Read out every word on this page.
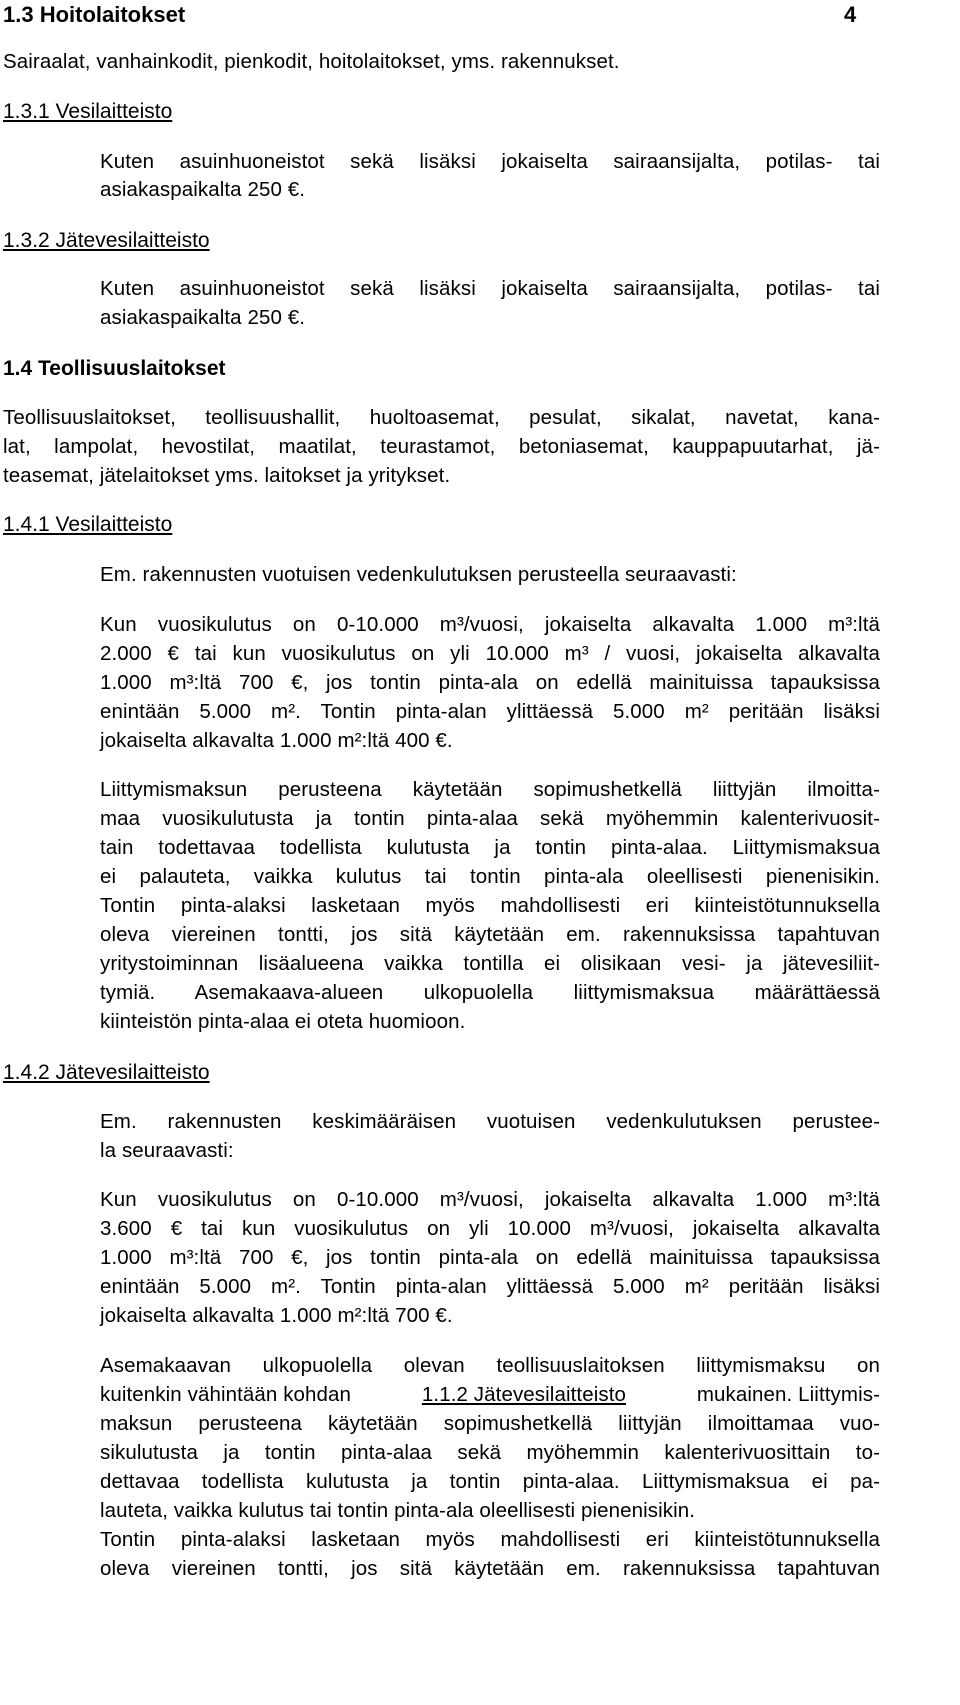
1.3 Hoitolaitokset	4
Sairaalat, vanhainkodit, pienkodit, hoitolaitokset, yms. rakennukset.
1.3.1 Vesilaitteisto
Kuten asuinhuoneistot sekä lisäksi jokaiselta sairaansijalta, potilas- tai
asiakaspaikalta 250 €.
1.3.2 Jätevesilaitteisto
Kuten asuinhuoneistot sekä lisäksi jokaiselta sairaansijalta, potilas- tai
asiakaspaikalta 250 €.
1.4 Teollisuuslaitokset
Teollisuuslaitokset, teollisuushallit, huoltoasemat, pesulat, sikalat, navetat, kana-
lat, lampolat, hevostilat, maatilat, teurastamot, betoniasemat, kauppapuutarhat, jä-
teasemat, jätelaitokset yms. laitokset ja yritykset.
1.4.1 Vesilaitteisto
Em. rakennusten vuotuisen vedenkulutuksen perusteella seuraavasti:
Kun vuosikulutus on 0-10.000 m³/vuosi, jokaiselta alkavalta 1.000 m³:ltä
2.000 € tai kun vuosikulutus on yli 10.000 m³ / vuosi, jokaiselta alkavalta
1.000 m³:ltä 700 €, jos tontin pinta-ala on edellä mainituissa tapauksissa
enintään 5.000 m². Tontin pinta-alan ylittäessä 5.000 m² peritään lisäksi
jokaiselta alkavalta 1.000 m²:ltä 400 €.
Liittymismaksun perusteena käytetään sopimushetkellä liittyjän ilmoitta-
maa vuosikulutusta ja tontin pinta-alaa sekä myöhemmin kalenterivuosit-
tain todettavaa todellista kulutusta ja tontin pinta-alaa. Liittymismaksua
ei palauteta, vaikka kulutus tai tontin pinta-ala oleellisesti pienenisikin.
Tontin pinta-alaksi lasketaan myös mahdollisesti eri kiinteistötunnuksella
oleva viereinen tontti, jos sitä käytetään em. rakennuksissa tapahtuvan
yritystoiminnan lisäalueena vaikka tontilla ei olisikaan vesi- ja jätevesiliit-
tymiä. Asemakaava-alueen ulkopuolella liittymismaksua määrättäessä
kiinteistön pinta-alaa ei oteta huomioon.
1.4.2 Jätevesilaitteisto
Em. rakennusten keskimääräisen vuotuisen vedenkulutuksen perustee-
la seuraavasti:
Kun vuosikulutus on 0-10.000 m³/vuosi, jokaiselta alkavalta 1.000 m³:ltä
3.600 € tai kun vuosikulutus on yli 10.000 m³/vuosi, jokaiselta alkavalta
1.000 m³:ltä 700 €, jos tontin pinta-ala on edellä mainituissa tapauksissa
enintään 5.000 m². Tontin pinta-alan ylittäessä 5.000 m² peritään lisäksi
jokaiselta alkavalta 1.000 m²:ltä 700 €.
Asemakaavan ulkopuolella olevan teollisuuslaitoksen liittymismaksu on
kuitenkin vähintään kohdan	1.1.2 Jätevesilaitteisto	mukainen. Liittymis-
maksun perusteena käytetään sopimushetkellä liittyjän ilmoittamaa vuo-
sikulutusta ja tontin pinta-alaa sekä myöhemmin kalenterivuosittain to-
dettavaa todellista kulutusta ja tontin pinta-alaa. Liittymismaksua ei pa-
lauteta, vaikka kulutus tai tontin pinta-ala oleellisesti pienenisikin.
Tontin pinta-alaksi lasketaan myös mahdollisesti eri kiinteistötunnuksella
oleva viereinen tontti, jos sitä käytetään em. rakennuksissa tapahtuvan
